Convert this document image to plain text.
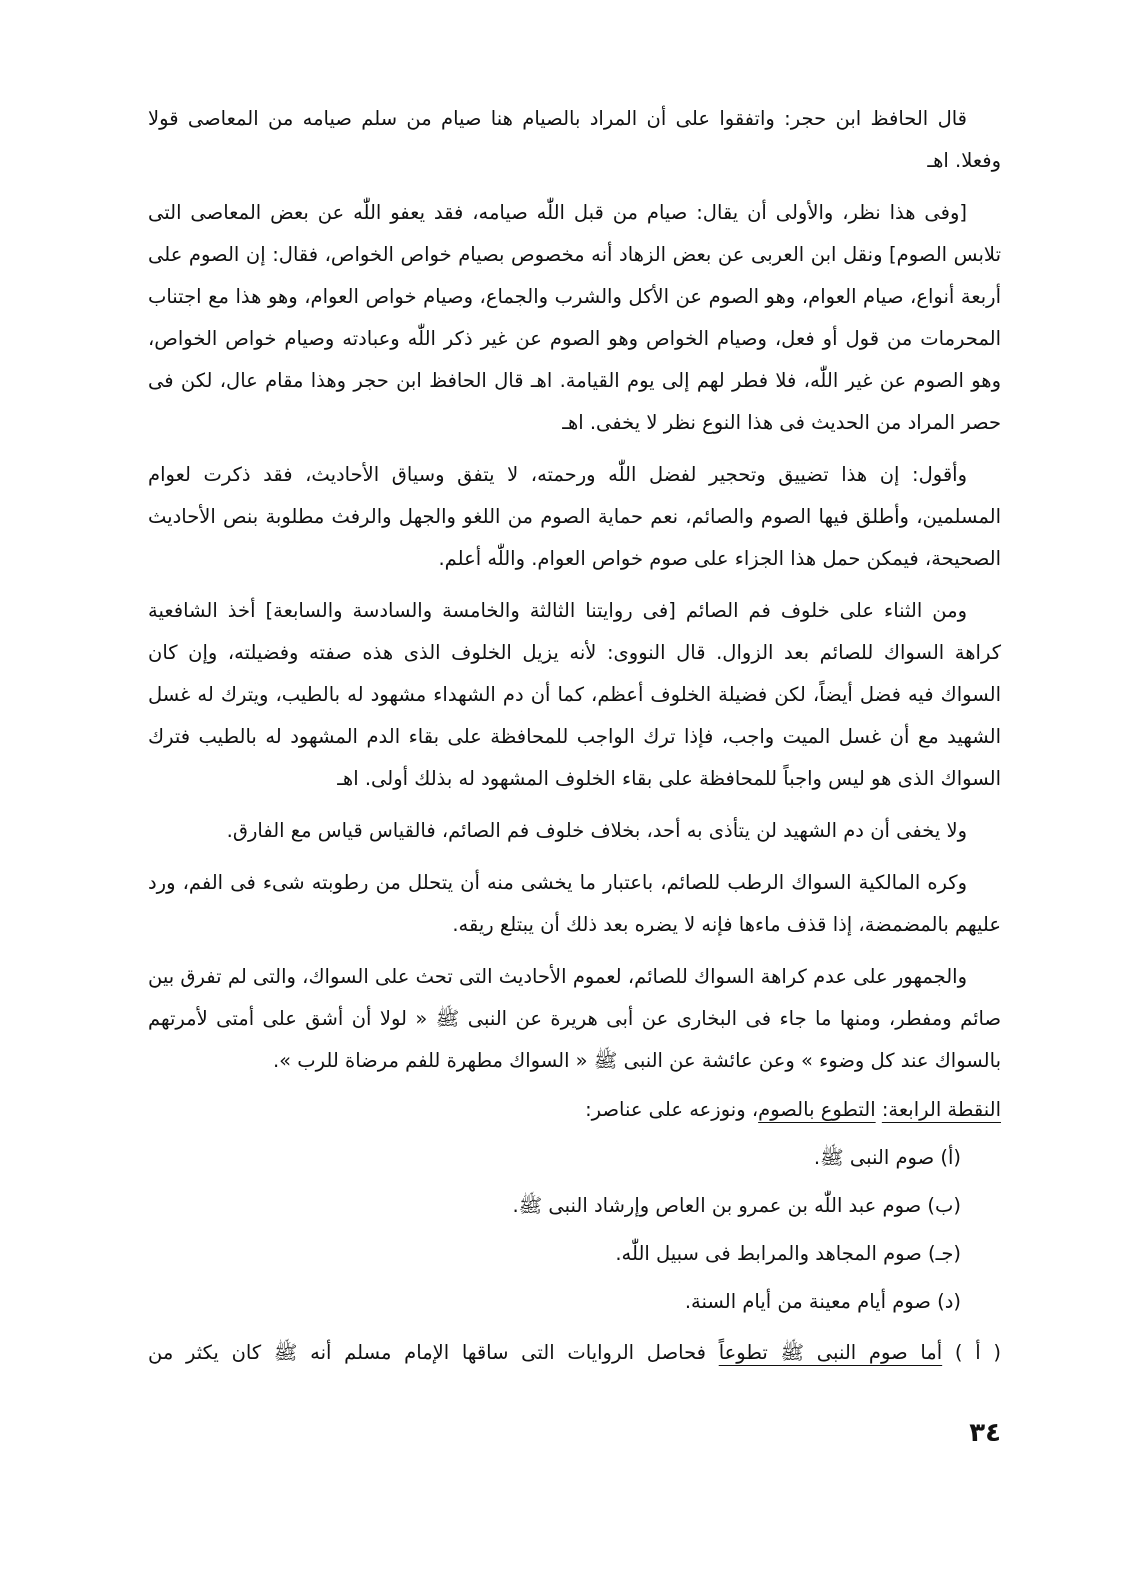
قال الحافظ ابن حجر: واتفقوا على أن المراد بالصيام هنا صيام من سلم صيامه من المعاصى قولا وفعلا. اهـ

[وفى هذا نظر، والأولى أن يقال: صيام من قبل اللّٰه صيامه، فقد يعفو اللّٰه عن بعض المعاصى التى تلابس الصوم] ونقل ابن العربى عن بعض الزهاد أنه مخصوص بصيام خواص الخواص، فقال: إن الصوم على أربعة أنواع، صيام العوام، وهو الصوم عن الأكل والشرب والجماع، وصيام خواص العوام، وهو هذا مع اجتناب المحرمات من قول أو فعل، وصيام الخواص وهو الصوم عن غير ذكر اللّٰه وعبادته وصيام خواص الخواص، وهو الصوم عن غير اللّٰه، فلا فطر لهم إلى يوم القيامة. اهـ قال الحافظ ابن حجر وهذا مقام عال، لكن فى حصر المراد من الحديث فى هذا النوع نظر لا يخفى. اهـ

وأقول: إن هذا تضييق وتحجير لفضل اللّٰه ورحمته، لا يتفق وسياق الأحاديث، فقد ذكرت لعوام المسلمين، وأطلق فيها الصوم والصائم، نعم حماية الصوم من اللغو والجهل والرفث مطلوبة بنص الأحاديث الصحيحة، فيمكن حمل هذا الجزاء على صوم خواص العوام. واللّٰه أعلم.

ومن الثناء على خلوف فم الصائم [فى روايتنا الثالثة والخامسة والسادسة والسابعة] أخذ الشافعية كراهة السواك للصائم بعد الزوال. قال النووى: لأنه يزيل الخلوف الذى هذه صفته وفضيلته، وإن كان السواك فيه فضل أيضاً، لكن فضيلة الخلوف أعظم، كما أن دم الشهداء مشهود له بالطيب، ويترك له غسل الشهيد مع أن غسل الميت واجب، فإذا ترك الواجب للمحافظة على بقاء الدم المشهود له بالطيب فترك السواك الذى هو ليس واجباً للمحافظة على بقاء الخلوف المشهود له بذلك أولى. اهـ

ولا يخفى أن دم الشهيد لن يتأذى به أحد، بخلاف خلوف فم الصائم، فالقياس قياس مع الفارق.

وكره المالكية السواك الرطب للصائم، باعتبار ما يخشى منه أن يتحلل من رطوبته شىء فى الفم، ورد عليهم بالمضمضة، إذا قذف ماءها فإنه لا يضره بعد ذلك أن يبتلع ريقه.

والجمهور على عدم كراهة السواك للصائم، لعموم الأحاديث التى تحث على السواك، والتى لم تفرق بين صائم ومفطر، ومنها ما جاء فى البخارى عن أبى هريرة عن النبى ﷺ « لولا أن أشق على أمتى لأمرتهم بالسواك عند كل وضوء » وعن عائشة عن النبى ﷺ « السواك مطهرة للفم مرضاة للرب ».

النقطة الرابعة: التطوع بالصوم، ونوزعه على عناصر:

(أ) صوم النبى ﷺ.

(ب) صوم عبد اللّٰه بن عمرو بن العاص وإرشاد النبى ﷺ.

(جـ) صوم المجاهد والمرابط فى سبيل اللّٰه.

(د) صوم أيام معينة من أيام السنة.

( أ ) أما صوم النبى ﷺ تطوعاً فحاصل الروايات التى ساقها الإمام مسلم أنه ﷺ كان يكثر من

٣٤
